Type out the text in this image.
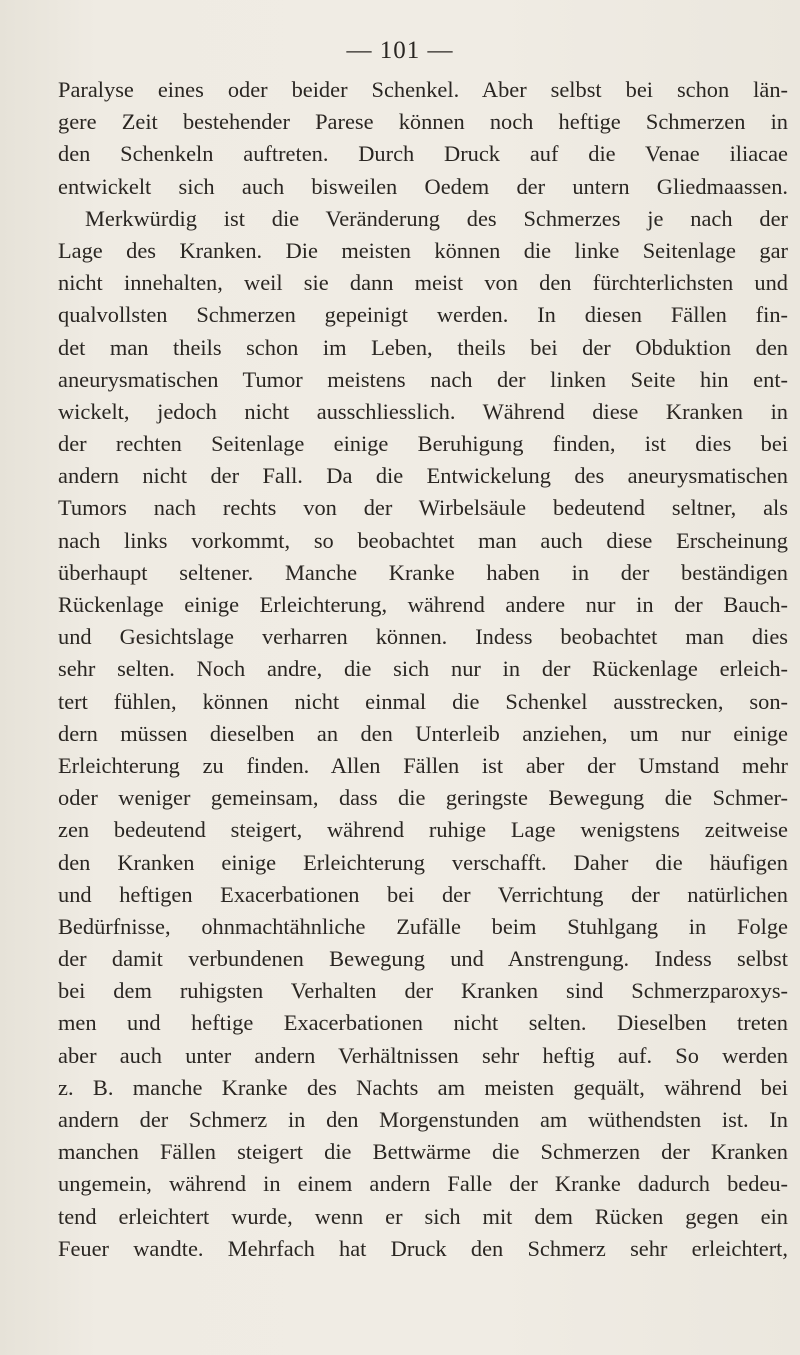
— 101 —
Paralyse eines oder beider Schenkel. Aber selbst bei schon län-
gere Zeit bestehender Parese können noch heftige Schmerzen in
den Schenkeln auftreten. Durch Druck auf die Venae iliacae
entwickelt sich auch bisweilen Oedem der untern Gliedmaassen.
Merkwürdig ist die Veränderung des Schmerzes je nach der
Lage des Kranken. Die meisten können die linke Seitenlage gar
nicht innehalten, weil sie dann meist von den fürchterlichsten und
qualvollsten Schmerzen gepeinigt werden. In diesen Fällen fin-
det man theils schon im Leben, theils bei der Obduktion den
aneurysmatischen Tumor meistens nach der linken Seite hin ent-
wickelt, jedoch nicht ausschliesslich. Während diese Kranken in
der rechten Seitenlage einige Beruhigung finden, ist dies bei
andern nicht der Fall. Da die Entwickelung des aneurysmatischen
Tumors nach rechts von der Wirbelsäule bedeutend seltner, als
nach links vorkommt, so beobachtet man auch diese Erscheinung
überhaupt seltener. Manche Kranke haben in der beständigen
Rückenlage einige Erleichterung, während andere nur in der Bauch-
und Gesichtslage verharren können. Indess beobachtet man dies
sehr selten. Noch andre, die sich nur in der Rückenlage erleich-
tert fühlen, können nicht einmal die Schenkel ausstrecken, son-
dern müssen dieselben an den Unterleib anziehen, um nur einige
Erleichterung zu finden. Allen Fällen ist aber der Umstand mehr
oder weniger gemeinsam, dass die geringste Bewegung die Schmer-
zen bedeutend steigert, während ruhige Lage wenigstens zeitweise
den Kranken einige Erleichterung verschafft. Daher die häufigen
und heftigen Exacerbationen bei der Verrichtung der natürlichen
Bedürfnisse, ohnmachtähnliche Zufälle beim Stuhlgang in Folge
der damit verbundenen Bewegung und Anstrengung. Indess selbst
bei dem ruhigsten Verhalten der Kranken sind Schmerzparoxys-
men und heftige Exacerbationen nicht selten. Dieselben treten
aber auch unter andern Verhältnissen sehr heftig auf. So werden
z. B. manche Kranke des Nachts am meisten gequält, während bei
andern der Schmerz in den Morgenstunden am wüthendsten ist. In
manchen Fällen steigert die Bettwärme die Schmerzen der Kranken
ungemein, während in einem andern Falle der Kranke dadurch bedeu-
tend erleichtert wurde, wenn er sich mit dem Rücken gegen ein
Feuer wandte. Mehrfach hat Druck den Schmerz sehr erleichtert,
